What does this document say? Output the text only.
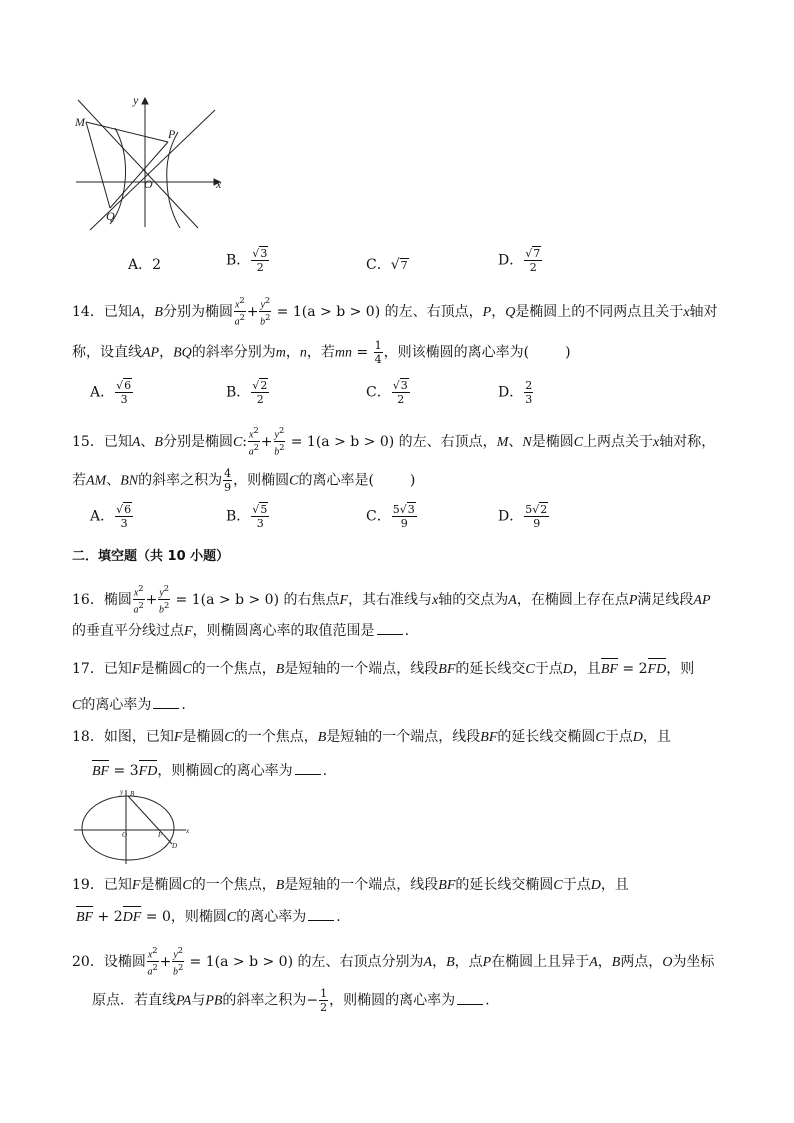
y
M
P
O	x
Q
A．2	B． $\frac{√3}{2}$	C．√7	D． $\frac{√7}{2}$
14．已知A，B分别为椭圆 $\frac{x^2}{a^2} + \frac{y^2}{b^2} = 1(a > b > 0)$ 的左、右顶点，P，Q是椭圆上的不同两点且关于x轴对
称，设直线AP，BQ的斜率分别为m，n，若mn = $\frac{1}{4}$ ，则该椭圆的离心率为(	)
A． $\frac{√6}{3}$	B． $\frac{√2}{2}$	C． $\frac{√3}{2}$	D． $\frac{2}{3}$
15．已知A、B分别是椭圆C: $\frac{x^2}{a^2} + \frac{y^2}{b^2} = 1(a > b > 0)$ 的左、右顶点，M、N是椭圆C上两点关于x轴对称，
若AM、BN的斜率之积为 $\frac{4}{9}$ ，则椭圆C的离心率是(	)
A． $\frac{√6}{3}$	B． $\frac{√5}{3}$	C． $\frac{5√3}{9}$	D． $\frac{5√2}{9}$
二．填空题（共 10 小题）
16．椭圆 $\frac{x^2}{a^2} + \frac{y^2}{b^2} = 1(a > b > 0)$ 的右焦点F，其右准线与x轴的交点为A，在椭圆上存在点P满足线段AP
的垂直平分线过点F，则椭圆离心率的取值范围是 .
17．已知F是椭圆C的一个焦点，B是短轴的一个端点，线段BF的延长线交C于点D，且BF = 2FD，则
C的离心率为 .
18．如图，已知F是椭圆C的一个焦点，B是短轴的一个端点，线段BF的延长线交椭圆C于点D，且
BF = 3FD，则椭圆C的离心率为 .
y B
O	F	x
D
19．已知F是椭圆C的一个焦点，B是短轴的一个端点，线段BF的延长线交椭圆C于点D，且
BF + 2DF = 0，则椭圆C的离心率为 .
20．设椭圆 $\frac{x^2}{a^2} + \frac{y^2}{b^2} = 1(a > b > 0)$ 的左、右顶点分别为A，B，点P在椭圆上且异于A，B两点，O为坐标
原点．若直线PA与PB的斜率之积为− $\frac{1}{2}$ ，则椭圆的离心率为 .
